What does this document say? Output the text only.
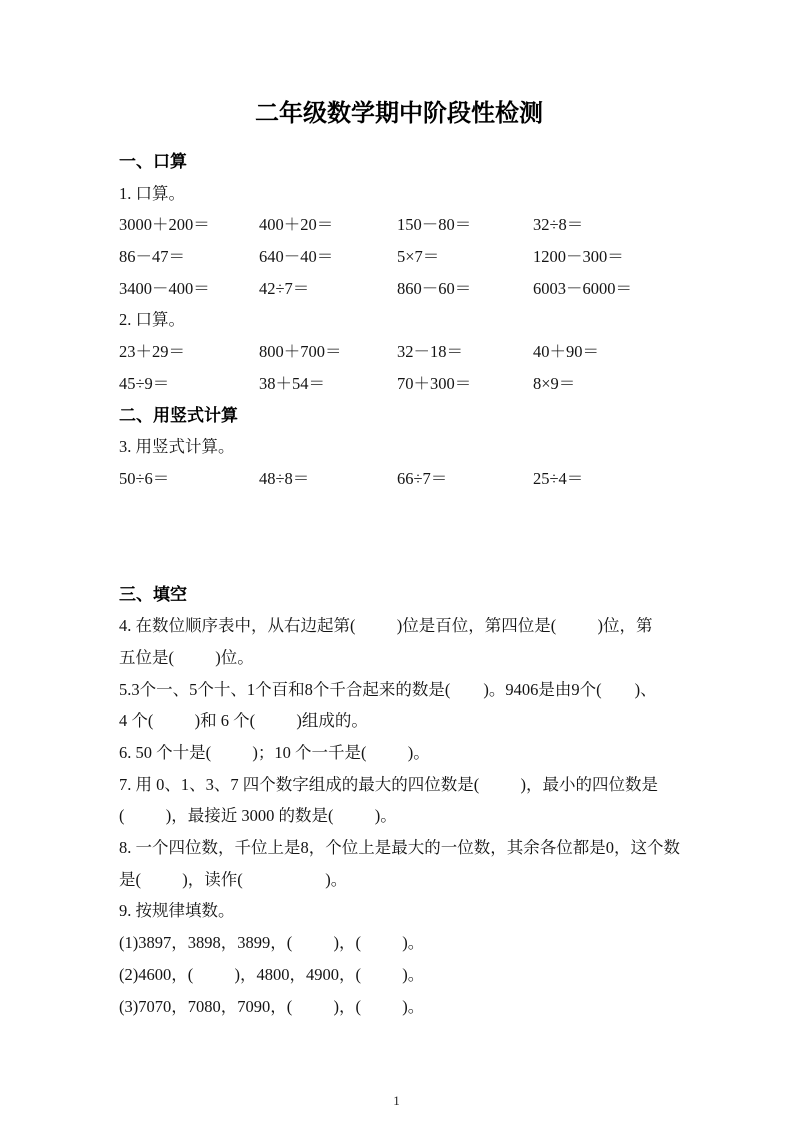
二年级数学期中阶段性检测
一、口算
1. 口算。
3000＋200＝	400＋20＝	150－80＝	32÷8＝
86－47＝	640－40＝	5×7＝	1200－300＝
3400－400＝	42÷7＝	860－60＝	6003－6000＝
2. 口算。
23＋29＝	800＋700＝	32－18＝	40＋90＝
45÷9＝	38＋54＝	70＋300＝	8×9＝
二、用竖式计算
3. 用竖式计算。
50÷6＝	48÷8＝	66÷7＝	25÷4＝
三、填空
4. 在数位顺序表中，从右边起第(　　  )位是百位，第四位是(　　  )位，第
五位是(　　  )位。
5.3个一、5个十、1个百和8个千合起来的数是(　　)。9406是由9个(　　)、
4 个(　　  )和 6 个(　　  )组成的。
6. 50 个十是(　　  )；10 个一千是(　　  )。
7. 用 0、1、3、7 四个数字组成的最大的四位数是(　　  )，最小的四位数是
(　　  )，最接近 3000 的数是(　　  )。
8. 一个四位数，千位上是8，个位上是最大的一位数，其余各位都是0，这个数
是(　　  )，读作(　　　　　)。
9. 按规律填数。
(1)3897，3898，3899，(　　  )，(　　  )。
(2)4600，(　　  )，4800，4900，(　　  )。
(3)7070，7080，7090，(　　  )，(　　  )。
1
